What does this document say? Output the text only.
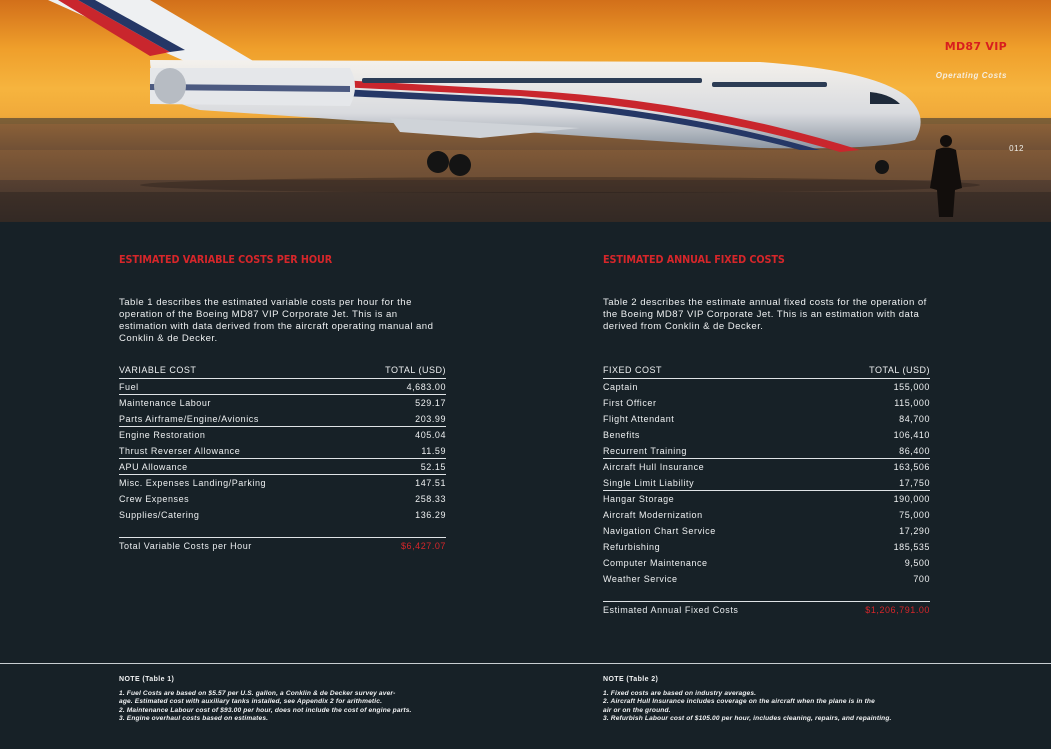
MD87 VIP
Operating Costs
012
ESTIMATED VARIABLE COSTS PER HOUR
Table 1 describes the estimated variable costs per hour for the operation of the Boeing MD87 VIP Corporate Jet. This is an estimation with data derived from the aircraft operating manual and Conklin & de Decker.
VARIABLE COST	TOTAL (USD)
Fuel	4,683.00
Maintenance Labour	529.17
Parts Airframe/Engine/Avionics	203.99
Engine Restoration	405.04
Thrust Reverser Allowance	11.59
APU Allowance	52.15
Misc. Expenses Landing/Parking	147.51
Crew Expenses	258.33
Supplies/Catering	136.29
Total Variable Costs per Hour	$6,427.07
ESTIMATED ANNUAL FIXED COSTS
Table 2 describes the estimate annual fixed costs for the operation of the Boeing MD87 VIP Corporate Jet. This is an estimation with data derived from Conklin & de Decker.
FIXED COST	TOTAL (USD)
Captain	155,000
First Officer	115,000
Flight Attendant	84,700
Benefits	106,410
Recurrent Training	86,400
Aircraft Hull Insurance	163,506
Single Limit Liability	17,750
Hangar Storage	190,000
Aircraft Modernization	75,000
Navigation Chart Service	17,290
Refurbishing	185,535
Computer Maintenance	9,500
Weather Service	700
Estimated Annual Fixed Costs	$1,206,791.00
NOTE (Table 1)
1. Fuel Costs are based on $5.57 per U.S. gallon, a Conklin & de Decker survey aver-
age. Estimated cost with auxiliary tanks installed, see Appendix 2 for arithmetic.
2. Maintenance Labour cost of $93.00 per hour, does not include the cost of engine parts.
3. Engine overhaul costs based on estimates.
NOTE (Table 2)
1. Fixed costs are based on industry averages.
2. Aircraft Hull Insurance includes coverage on the aircraft when the plane is in the
air or on the ground.
3. Refurbish Labour cost of $105.00 per hour, includes cleaning, repairs, and repainting.
